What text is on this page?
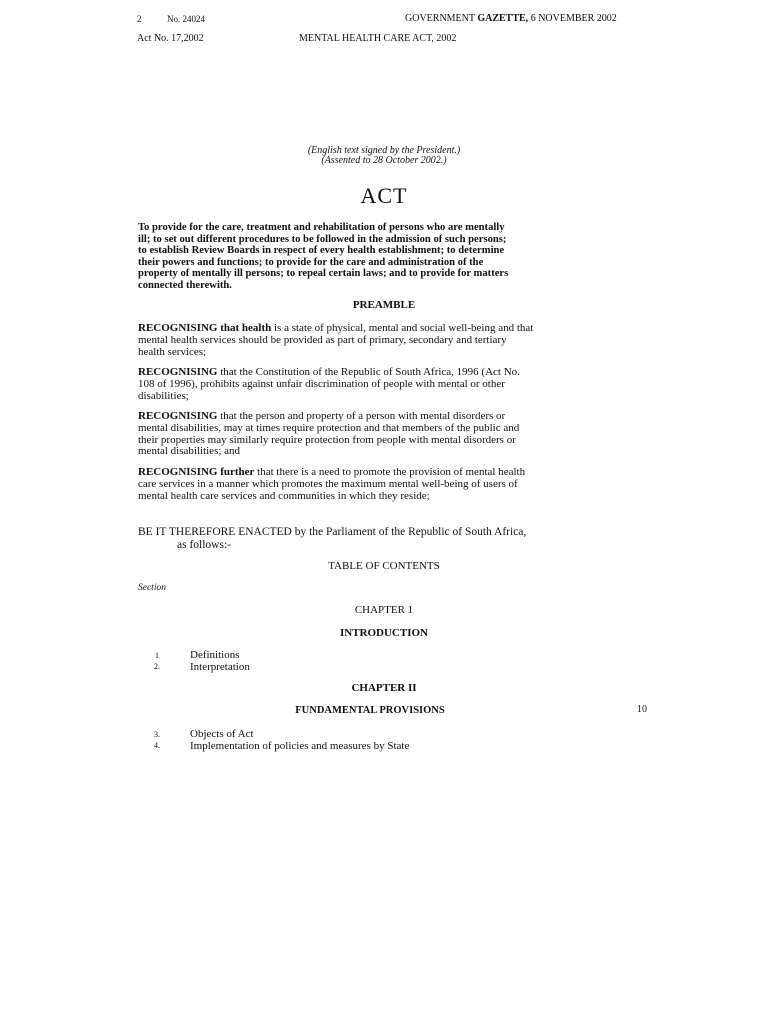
2	No. 24024	GOVERNMENT GAZETTE, 6 NOVEMBER 2002
Act No. 17,2002	MENTAL HEALTH CARE ACT, 2002
(English text signed by the President.)
(Assented to 28 October 2002.)
ACT
To provide for the care, treatment and rehabilitation of persons who are mentally
ill; to set out different procedures to be followed in the admission of such persons;
to establish Review Boards in respect of every health establishment; to determine
their powers and functions; to provide for the care and administration of the
property of mentally ill persons; to repeal certain laws; and to provide for matters
connected therewith.
PREAMBLE
RECOGNISING that health is a state of physical, mental and social well-being and that
mental health services should be provided as part of primary, secondary and tertiary
health services;
RECOGNISING that the Constitution of the Republic of South Africa, 1996 (Act No.
108 of 1996), prohibits against unfair discrimination of people with mental or other
disabilities;
RECOGNISING that the person and property of a person with mental disorders or
mental disabilities, may at times require protection and that members of the public and
their properties may similarly require protection from people with mental disorders or
mental disabilities; and
RECOGNISING further that there is a need to promote the provision of mental health
care services in a manner which promotes the maximum mental well-being of users of
mental health care services and communities in which they reside;
BE IT THEREFORE ENACTED by the Parliament of the Republic of South Africa,
as follows:-
TABLE OF CONTENTS
Section
CHAPTER 1
INTRODUCTION
1	Definitions
2.	Interpretation
CHAPTER II
FUNDAMENTAL PROVISIONS	10
3.	Objects of Act
4.	Implementation of policies and measures by State
